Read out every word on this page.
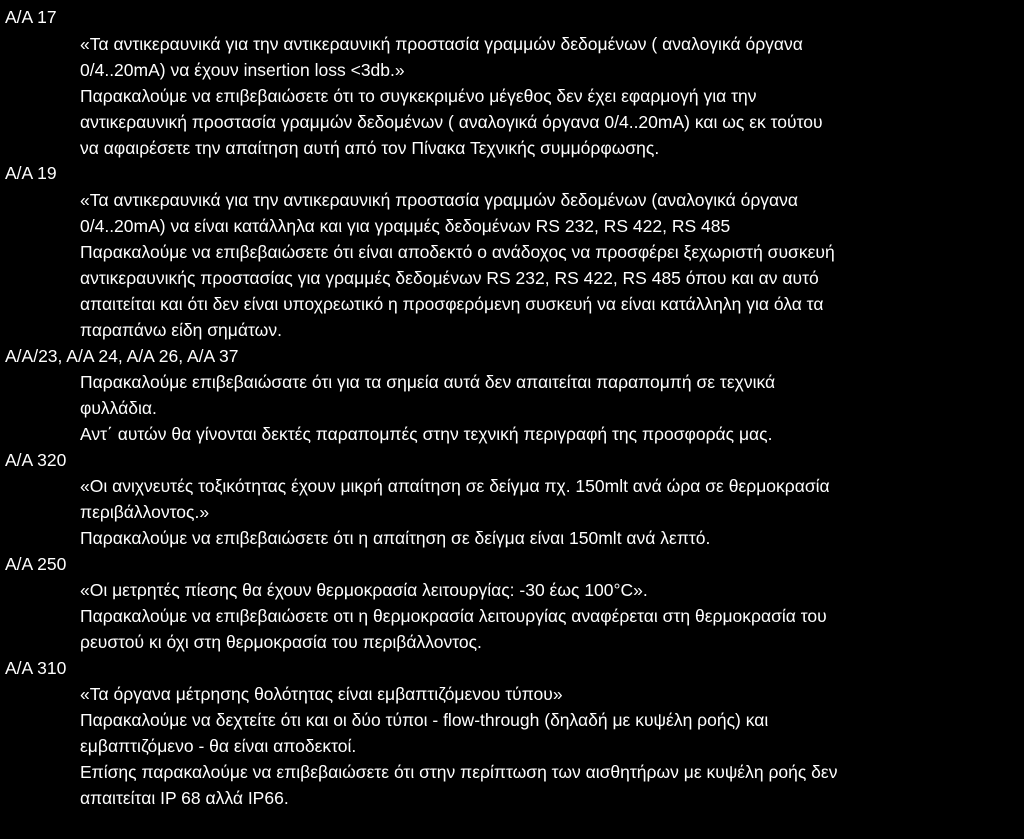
Α/Α 17
«Τα αντικεραυνικά για την αντικεραυνική προστασία γραμμών δεδομένων ( αναλογικά όργανα
0/4..20mA) να έχουν insertion loss <3db.»
Παρακαλούμε να επιβεβαιώσετε ότι το συγκεκριμένο μέγεθος δεν έχει εφαρμογή για την
αντικεραυνική προστασία γραμμών δεδομένων ( αναλογικά όργανα 0/4..20mA) και ως εκ τούτου
να αφαιρέσετε την απαίτηση αυτή από τον Πίνακα Τεχνικής συμμόρφωσης.
Α/Α 19
«Τα αντικεραυνικά για την αντικεραυνική προστασία γραμμών δεδομένων (αναλογικά όργανα
0/4..20mA) να είναι κατάλληλα και για γραμμές δεδομένων RS 232, RS 422, RS 485
Παρακαλούμε να επιβεβαιώσετε ότι είναι αποδεκτό ο ανάδοχος να προσφέρει ξεχωριστή συσκευή
αντικεραυνικής προστασίας για γραμμές δεδομένων RS 232, RS 422, RS 485 όπου και αν αυτό
απαιτείται και ότι δεν είναι υποχρεωτικό η προσφερόμενη συσκευή να είναι κατάλληλη για όλα τα
παραπάνω είδη σημάτων.
Α/Α/23, Α/Α 24, Α/Α 26, Α/Α 37
Παρακαλούμε επιβεβαιώσατε ότι για τα σημεία αυτά δεν απαιτείται παραπομπή σε τεχνικά
φυλλάδια.
Αντ΄ αυτών θα γίνονται δεκτές παραπομπές στην τεχνική περιγραφή της προσφοράς μας.
Α/Α 320
«Οι ανιχνευτές τοξικότητας έχουν μικρή απαίτηση σε δείγμα πχ. 150mlt ανά ώρα σε θερμοκρασία
περιβάλλοντος.»
Παρακαλούμε να επιβεβαιώσετε ότι η απαίτηση σε δείγμα είναι 150mlt ανά λεπτό.
Α/Α 250
«Οι μετρητές πίεσης θα έχουν θερμοκρασία λειτουργίας: -30 έως 100°C».
Παρακαλούμε να επιβεβαιώσετε οτι η θερμοκρασία λειτουργίας αναφέρεται στη θερμοκρασία του
ρευστού κι όχι στη θερμοκρασία του περιβάλλοντος.
Α/Α 310
«Τα όργανα μέτρησης θολότητας είναι εμβαπτιζόμενου τύπου»
Παρακαλούμε να δεχτείτε ότι και οι δύο τύποι - flow-through (δηλαδή με κυψέλη ροής) και
εμβαπτιζόμενο - θα είναι αποδεκτοί.
Επίσης παρακαλούμε να επιβεβαιώσετε ότι στην περίπτωση των αισθητήρων με κυψέλη ροής δεν
απαιτείται IP 68 αλλά IP66.
